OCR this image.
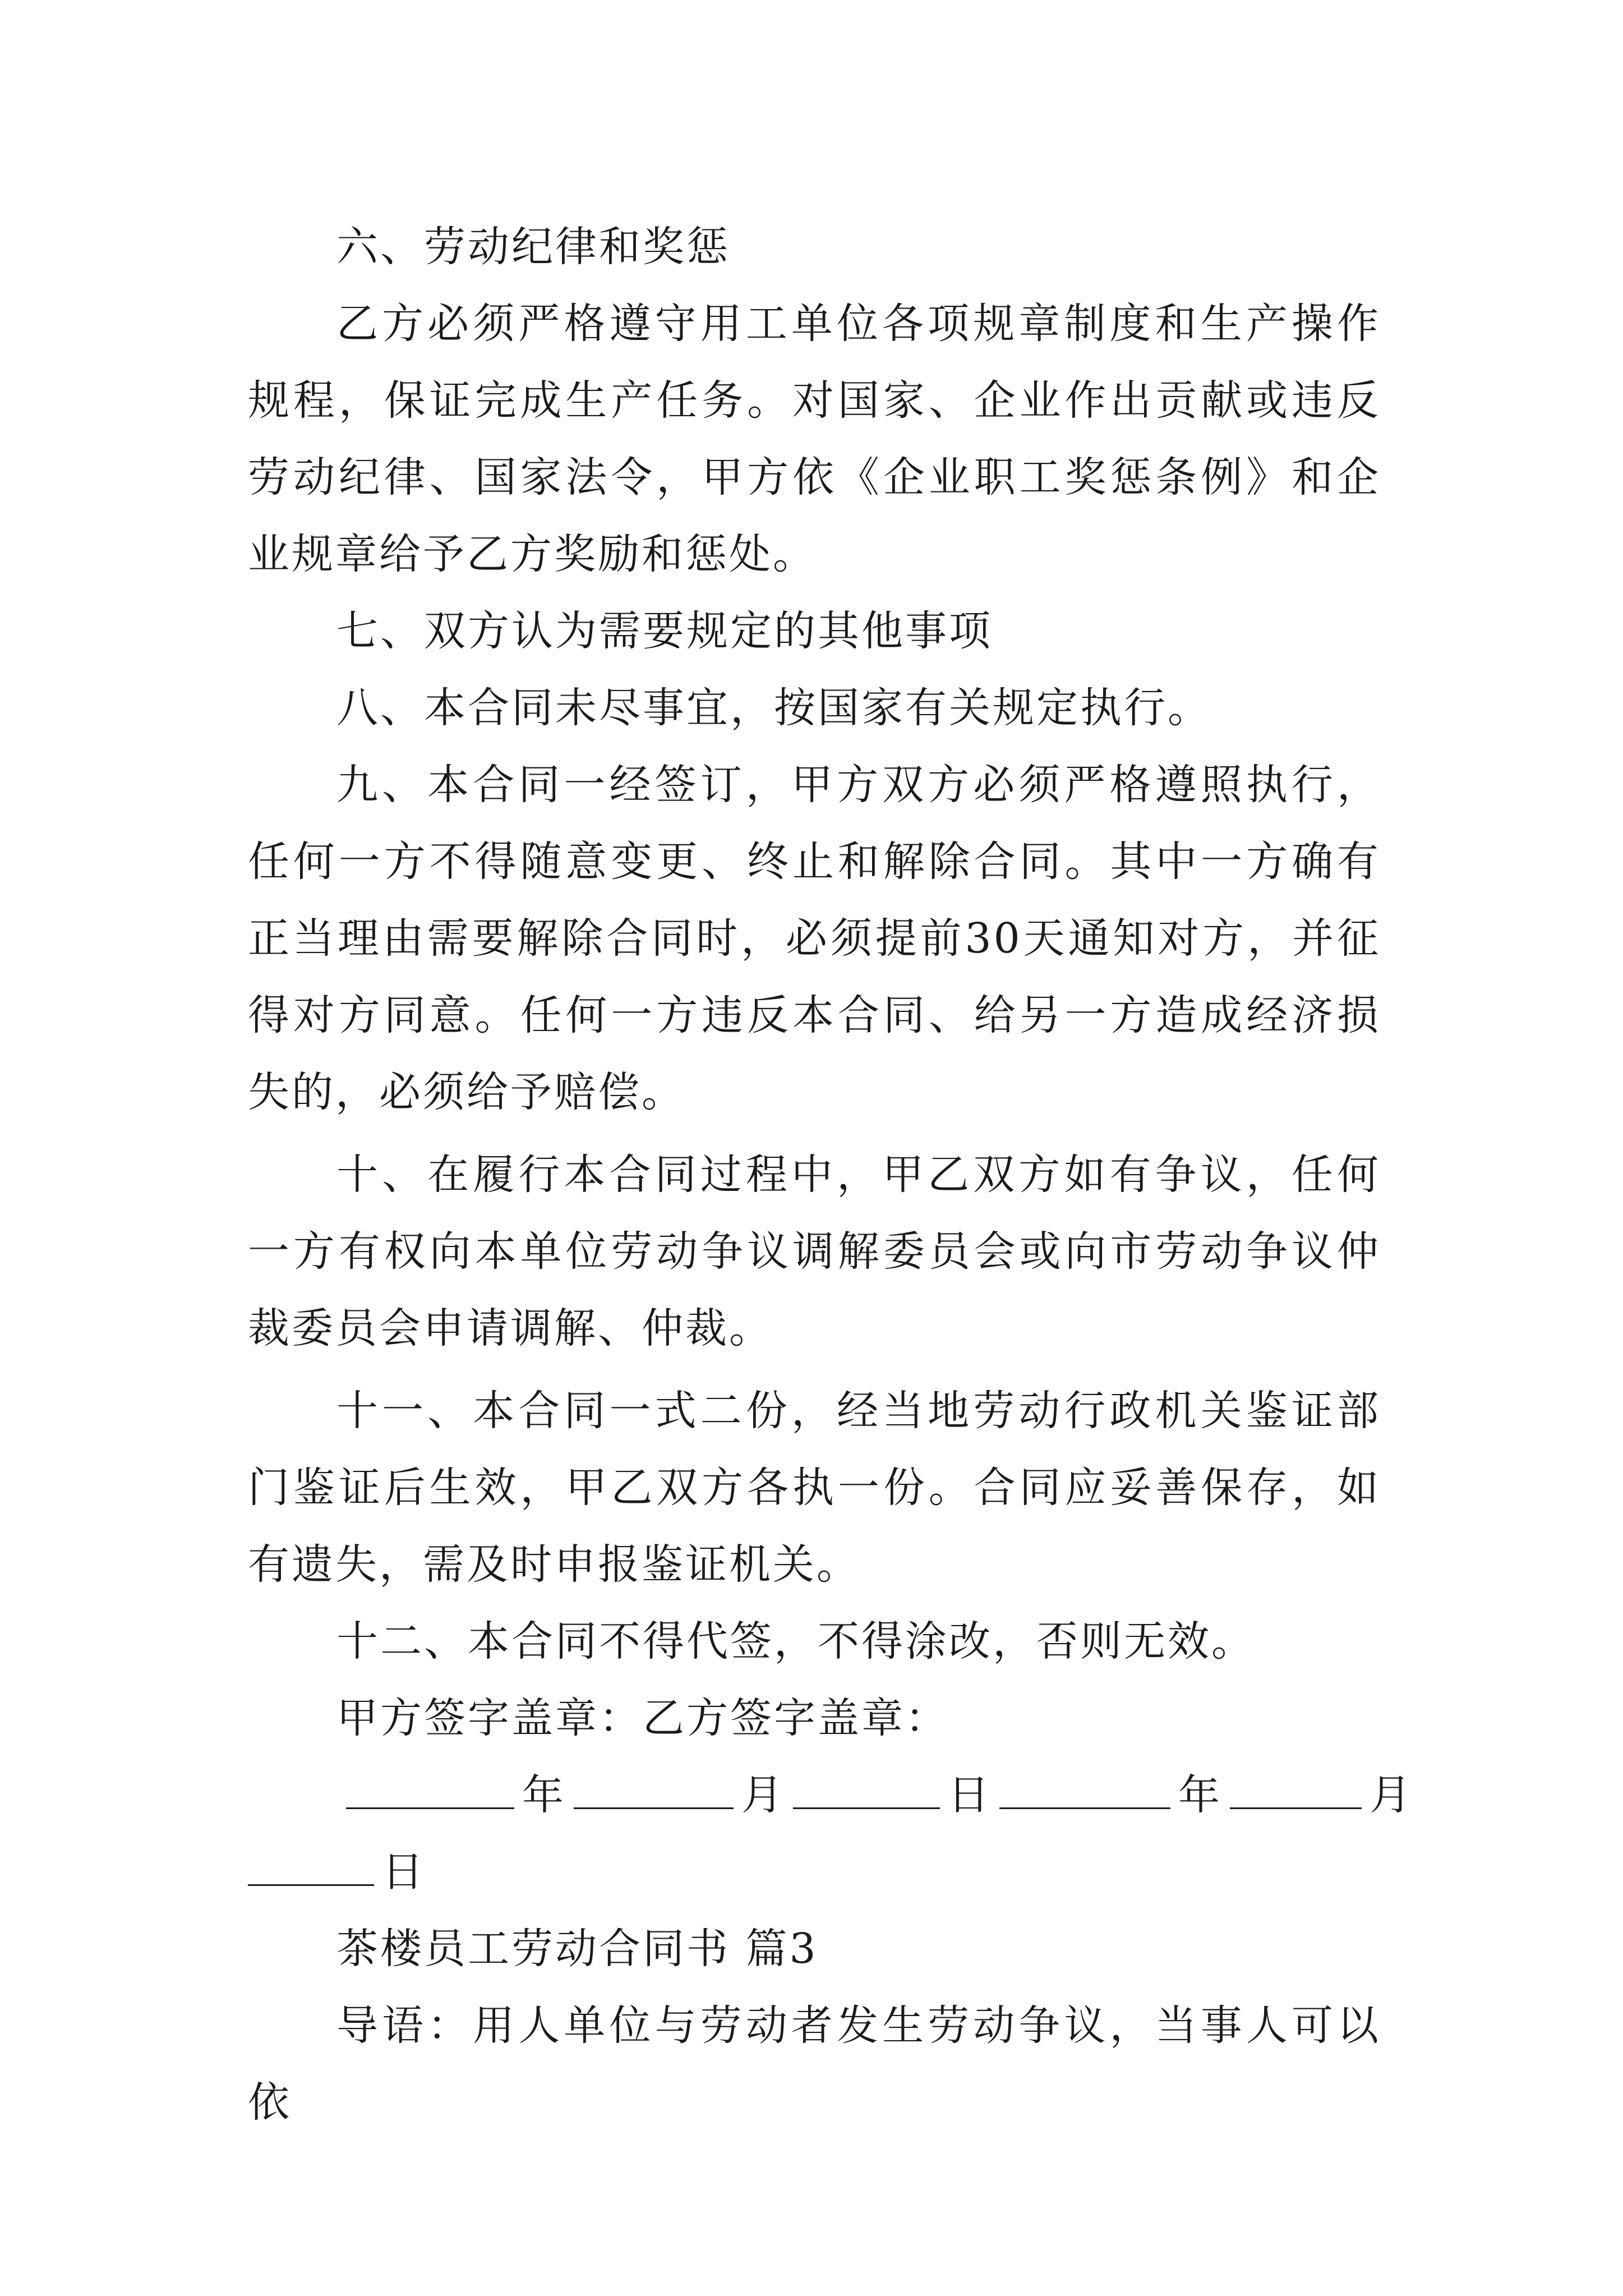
六、劳动纪律和奖惩

乙方必须严格遵守用工单位各项规章制度和生产操作规程，保证完成生产任务。对国家、企业作出贡献或违反劳动纪律、国家法令，甲方依《企业职工奖惩条例》和企业规章给予乙方奖励和惩处。

七、双方认为需要规定的其他事项

八、本合同未尽事宜，按国家有关规定执行。

九、本合同一经签订，甲方双方必须严格遵照执行，任何一方不得随意变更、终止和解除合同。其中一方确有正当理由需要解除合同时，必须提前30天通知对方，并征得对方同意。任何一方违反本合同、给另一方造成经济损失的，必须给予赔偿。

十、在履行本合同过程中，甲乙双方如有争议，任何一方有权向本单位劳动争议调解委员会或向市劳动争议仲裁委员会申请调解、仲裁。

十一、本合同一式二份，经当地劳动行政机关鉴证部门鉴证后生效，甲乙双方各执一份。合同应妥善保存，如有遗失，需及时申报鉴证机关。

十二、本合同不得代签，不得涂改，否则无效。

甲方签字盖章：乙方签字盖章：

年	月	日	年	月

日

茶楼员工劳动合同书 篇3

导语：用人单位与劳动者发生劳动争议，当事人可以依
